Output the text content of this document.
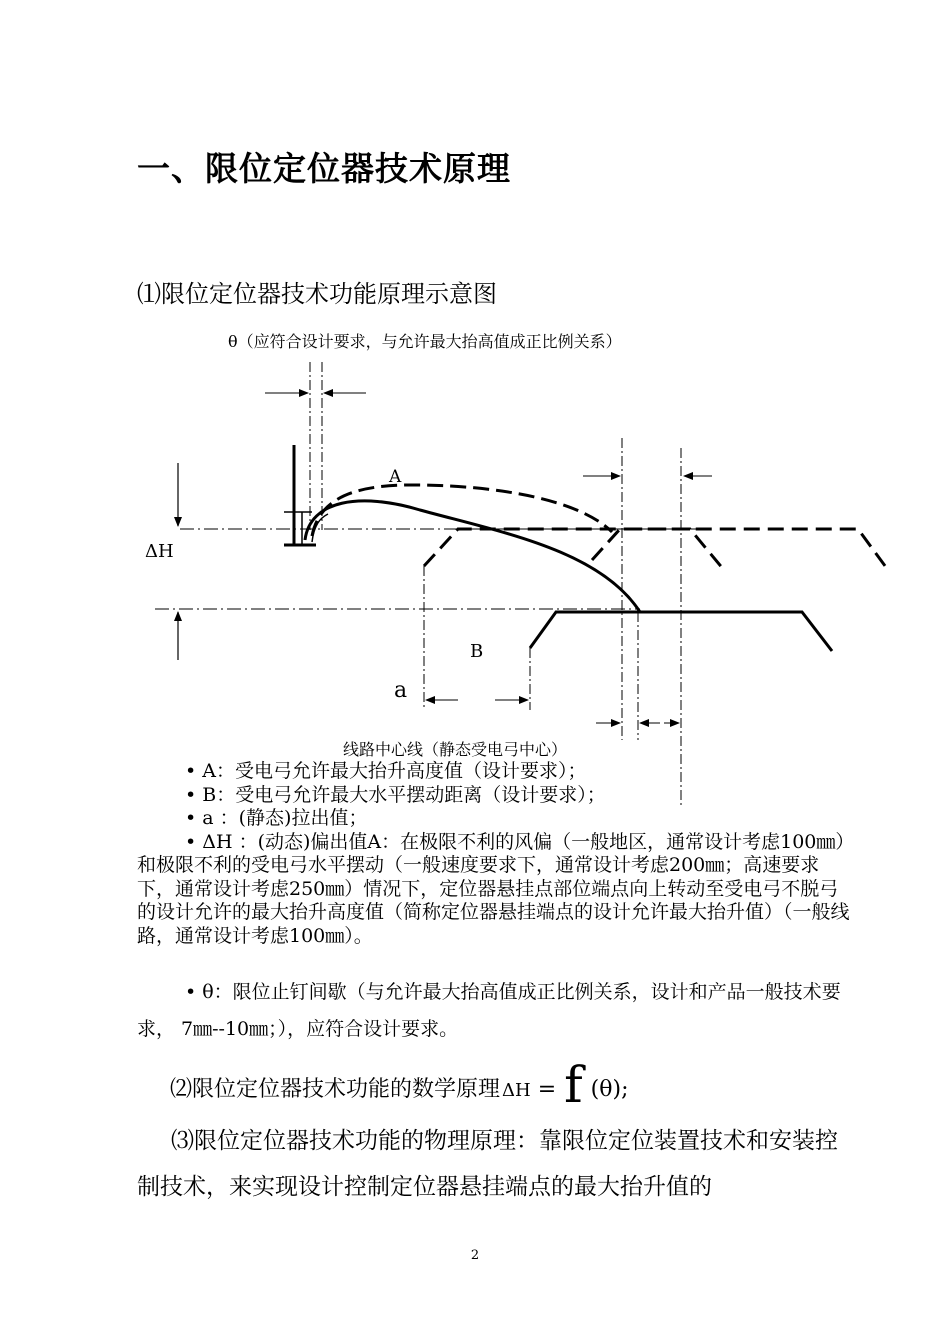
一、限位定位器技术原理
⑴限位定位器技术功能原理示意图
θ（应符合设计要求，与允许最大抬高值成正比例关系）
ΔH
A
B
a
线路中心线（静态受电弓中心）

• A：受电弓允许最大抬升高度值（设计要求）；

• B：受电弓允许最大水平摆动距离（设计要求）；

• a ：(静态)拉出值；

• ΔH ：(动态)偏出值A：在极限不利的风偏（一般地区，通常设计考虑100㎜）和极限不利的受电弓水平摆动（一般速度要求下，通常设计考虑200㎜；高速要求下，通常设计考虑250㎜）情况下，定位器悬挂点部位端点向上转动至受电弓不脱弓的设计允许的最大抬升高度值（简称定位器悬挂端点的设计允许最大抬升值）（一般线路，通常设计考虑100㎜）。

• θ：限位止钉间歇（与允许最大抬高值成正比例关系，设计和产品一般技术要求， 7㎜--10㎜；），应符合设计要求。
⑵限位定位器技术功能的数学原理 ΔH = f (θ);
⑶限位定位器技术功能的物理原理：靠限位定位装置技术和安装控制技术，来实现设计控制定位器悬挂端点的最大抬升值的
2
